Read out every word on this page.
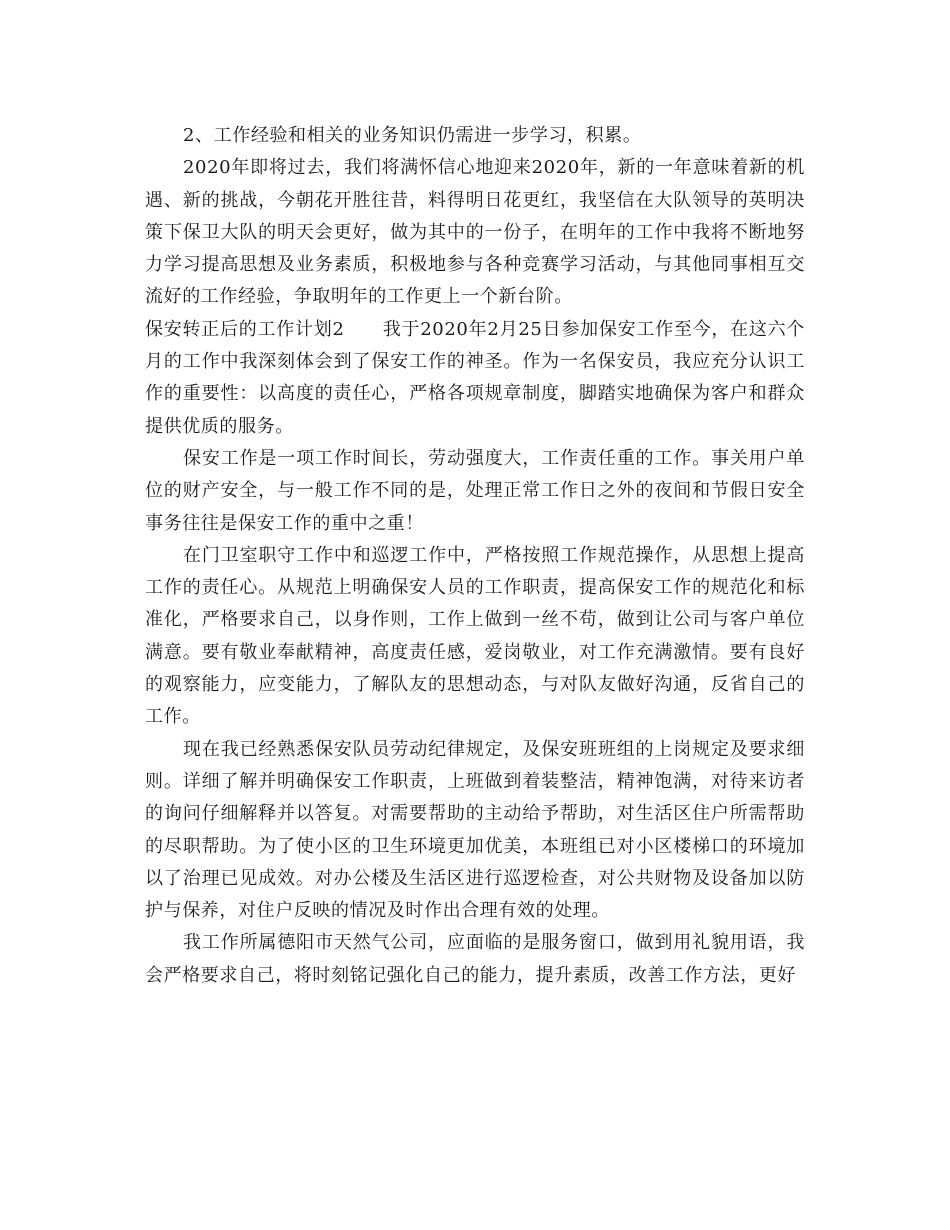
2、工作经验和相关的业务知识仍需进一步学习，积累。

2020年即将过去，我们将满怀信心地迎来2020年，新的一年意味着新的机遇、新的挑战，今朝花开胜往昔，料得明日花更红，我坚信在大队领导的英明决策下保卫大队的明天会更好，做为其中的一份子，在明年的工作中我将不断地努力学习提高思想及业务素质，积极地参与各种竞赛学习活动，与其他同事相互交流好的工作经验，争取明年的工作更上一个新台阶。

保安转正后的工作计划2 我于2020年2月25日参加保安工作至今，在这六个月的工作中我深刻体会到了保安工作的神圣。作为一名保安员，我应充分认识工作的重要性：以高度的责任心，严格各项规章制度，脚踏实地确保为客户和群众提供优质的服务。

保安工作是一项工作时间长，劳动强度大，工作责任重的工作。事关用户单位的财产安全，与一般工作不同的是，处理正常工作日之外的夜间和节假日安全事务往往是保安工作的重中之重！

在门卫室职守工作中和巡逻工作中，严格按照工作规范操作，从思想上提高工作的责任心。从规范上明确保安人员的工作职责，提高保安工作的规范化和标准化，严格要求自己，以身作则，工作上做到一丝不苟，做到让公司与客户单位满意。要有敬业奉献精神，高度责任感，爱岗敬业，对工作充满激情。要有良好的观察能力，应变能力，了解队友的思想动态，与对队友做好沟通，反省自己的工作。

现在我已经熟悉保安队员劳动纪律规定，及保安班班组的上岗规定及要求细则。详细了解并明确保安工作职责，上班做到着装整洁，精神饱满，对待来访者的询问仔细解释并以答复。对需要帮助的主动给予帮助，对生活区住户所需帮助的尽职帮助。为了使小区的卫生环境更加优美，本班组已对小区楼梯口的环境加以了治理已见成效。对办公楼及生活区进行巡逻检查，对公共财物及设备加以防护与保养，对住户反映的情况及时作出合理有效的处理。

我工作所属德阳市天然气公司，应面临的是服务窗口，做到用礼貌用语，我会严格要求自己，将时刻铭记强化自己的能力，提升素质，改善工作方法，更好
